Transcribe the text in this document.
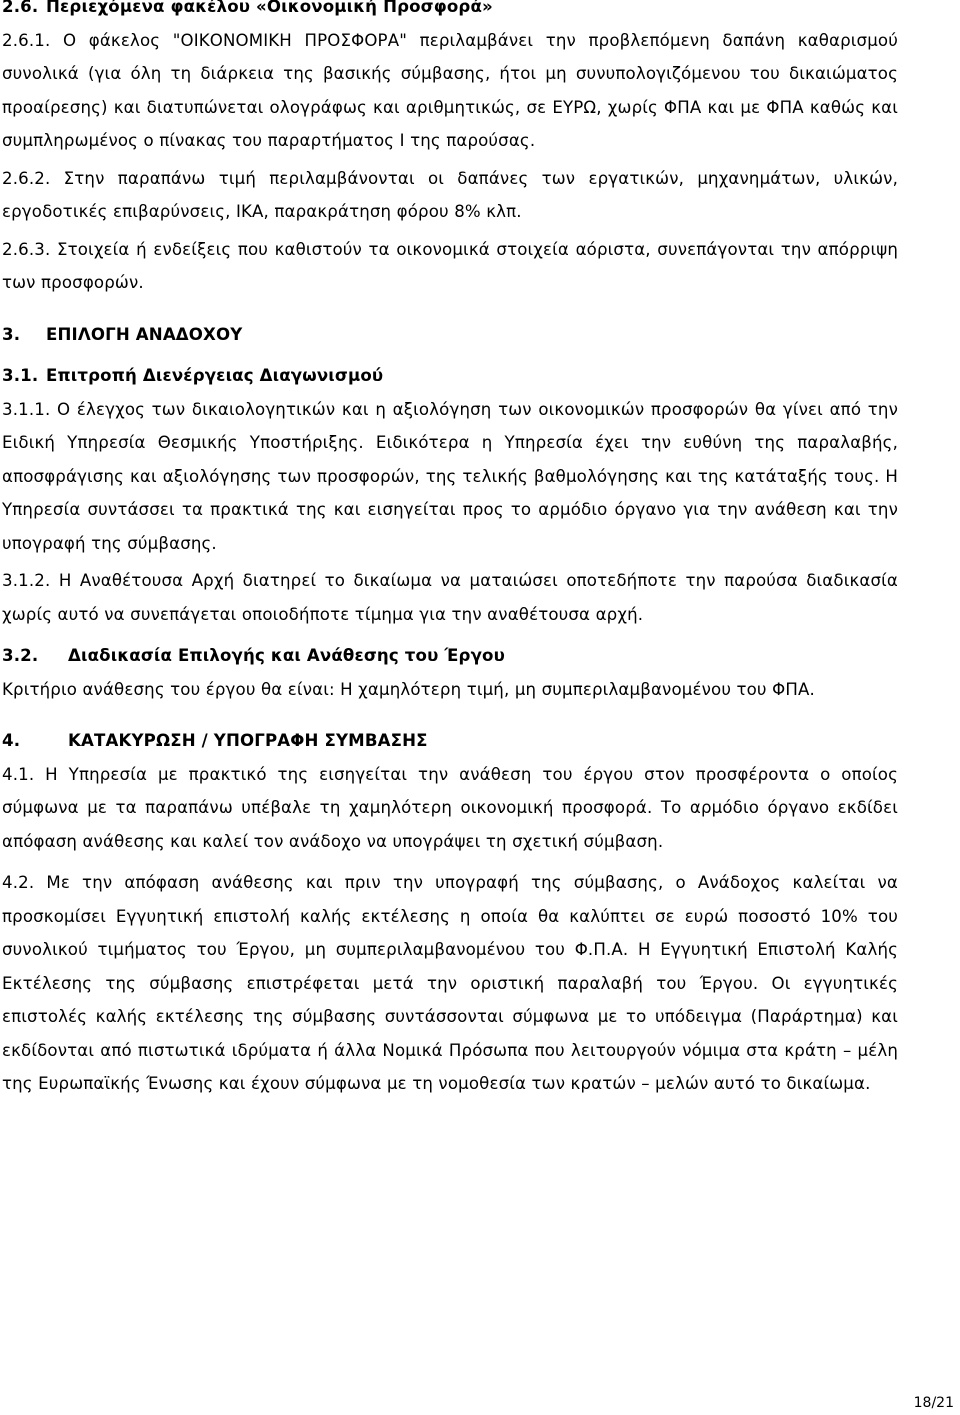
2.6. Περιεχόμενα φακέλου «Οικονομική Προσφορά»

2.6.1. Ο φάκελος "ΟΙΚΟΝΟΜΙΚΗ ΠΡΟΣΦΟΡΑ" περιλαμβάνει την προβλεπόμενη δαπάνη καθαρισμού συνολικά (για όλη τη διάρκεια της βασικής σύμβασης, ήτοι μη συνυπολογιζόμενου του δικαιώματος προαίρεσης) και διατυπώνεται ολογράφως και αριθμητικώς, σε ΕΥΡΩ, χωρίς ΦΠΑ και με ΦΠΑ καθώς και συμπληρωμένος ο πίνακας του παραρτήματος Ι της παρούσας.

2.6.2. Στην παραπάνω τιμή περιλαμβάνονται οι δαπάνες των εργατικών, μηχανημάτων, υλικών, εργοδοτικές επιβαρύνσεις, ΙΚΑ, παρακράτηση φόρου 8% κλπ.

2.6.3. Στοιχεία ή ενδείξεις που καθιστούν τα οικονομικά στοιχεία αόριστα, συνεπάγονται την απόρριψη των προσφορών.

3. ΕΠΙΛΟΓΗ ΑΝΑΔΟΧΟΥ
3.1. Επιτροπή Διενέργειας Διαγωνισμού

3.1.1. Ο έλεγχος των δικαιολογητικών και η αξιολόγηση των οικονομικών προσφορών θα γίνει από την Ειδική Υπηρεσία Θεσμικής Υποστήριξης. Ειδικότερα η Υπηρεσία έχει την ευθύνη της παραλαβής, αποσφράγισης και αξιολόγησης των προσφορών, της τελικής βαθμολόγησης και της κατάταξής τους. Η Υπηρεσία συντάσσει τα πρακτικά της και εισηγείται προς το αρμόδιο όργανο για την ανάθεση και την υπογραφή της σύμβασης.

3.1.2. Η Αναθέτουσα Αρχή διατηρεί το δικαίωμα να ματαιώσει οποτεδήποτε την παρούσα διαδικασία χωρίς αυτό να συνεπάγεται οποιοδήποτε τίμημα για την αναθέτουσα αρχή.

3.2. Διαδικασία Επιλογής και Ανάθεσης του Έργου

Κριτήριο ανάθεσης του έργου θα είναι: Η χαμηλότερη τιμή, μη συμπεριλαμβανομένου του ΦΠΑ.

4.	ΚΑΤΑΚΥΡΩΣΗ / ΥΠΟΓΡΑΦΗ ΣΥΜΒΑΣΗΣ

4.1. Η Υπηρεσία με πρακτικό της εισηγείται την ανάθεση του έργου στον προσφέροντα ο οποίος σύμφωνα με τα παραπάνω υπέβαλε τη χαμηλότερη οικονομική προσφορά. Το αρμόδιο όργανο εκδίδει απόφαση ανάθεσης και καλεί τον ανάδοχο να υπογράψει τη σχετική σύμβαση.

4.2. Με την απόφαση ανάθεσης και πριν την υπογραφή της σύμβασης, ο Ανάδοχος καλείται να προσκομίσει Εγγυητική επιστολή καλής εκτέλεσης η οποία θα καλύπτει σε ευρώ ποσοστό 10% του συνολικού τιμήματος του Έργου, μη συμπεριλαμβανομένου του Φ.Π.Α. Η Εγγυητική Επιστολή Καλής Εκτέλεσης της σύμβασης επιστρέφεται μετά την οριστική παραλαβή του Έργου. Οι εγγυητικές επιστολές καλής εκτέλεσης της σύμβασης συντάσσονται σύμφωνα με το υπόδειγμα (Παράρτημα) και εκδίδονται από πιστωτικά ιδρύματα ή άλλα Νομικά Πρόσωπα που λειτουργούν νόμιμα στα κράτη – μέλη της Ευρωπαϊκής Ένωσης και έχουν σύμφωνα με τη νομοθεσία των κρατών – μελών αυτό το δικαίωμα.

18/21
